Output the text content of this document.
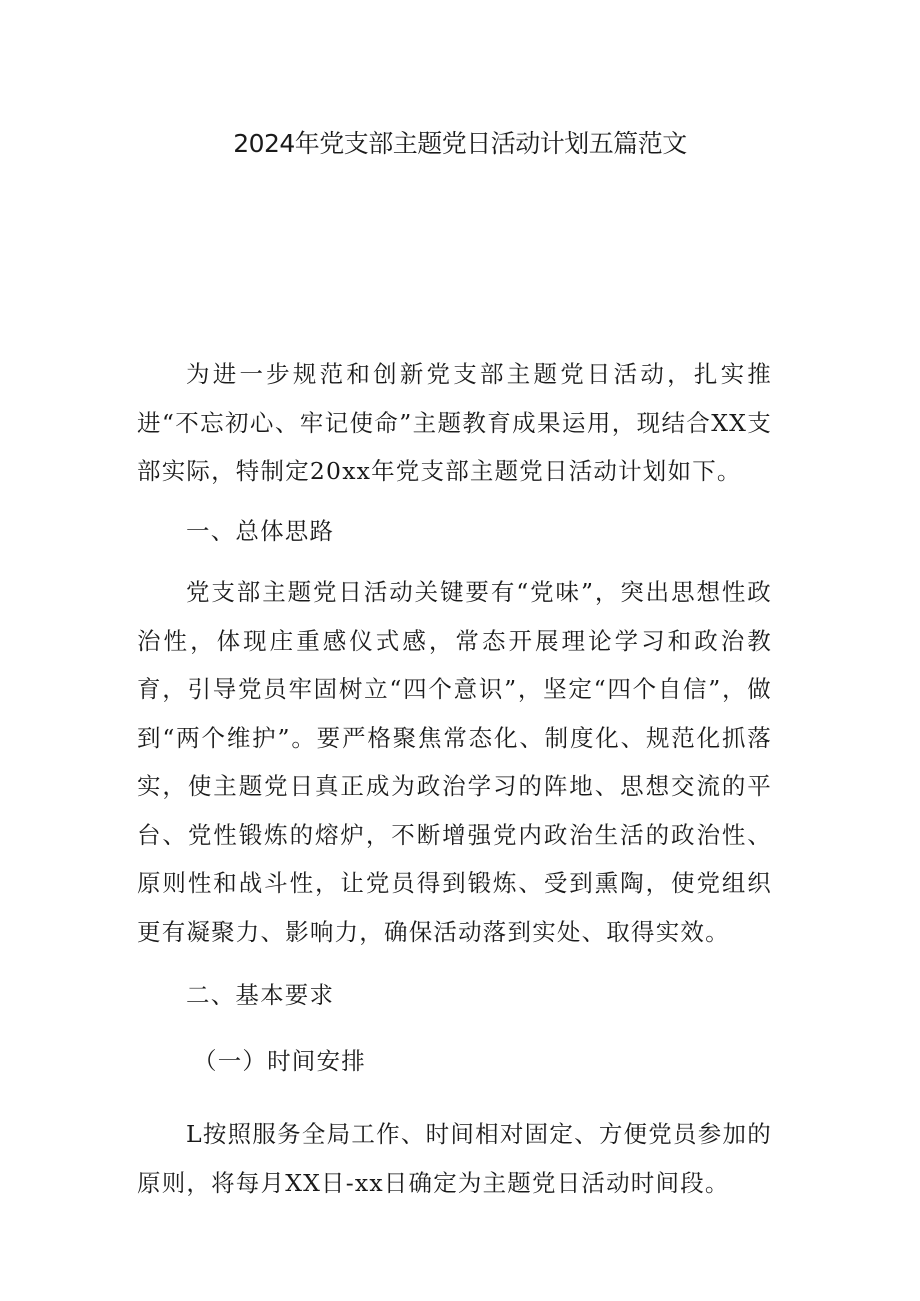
2024年党支部主题党日活动计划五篇范文

为进一步规范和创新党支部主题党日活动，扎实推进“不忘初心、牢记使命”主题教育成果运用，现结合XX支部实际，特制定20xx年党支部主题党日活动计划如下。

一、总体思路

党支部主题党日活动关键要有“党味”，突出思想性政治性，体现庄重感仪式感，常态开展理论学习和政治教育，引导党员牢固树立“四个意识”，坚定“四个自信”，做到“两个维护”。要严格聚焦常态化、制度化、规范化抓落实，使主题党日真正成为政治学习的阵地、思想交流的平台、党性锻炼的熔炉，不断增强党内政治生活的政治性、原则性和战斗性，让党员得到锻炼、受到熏陶，使党组织更有凝聚力、影响力，确保活动落到实处、取得实效。

二、基本要求

（一）时间安排

L按照服务全局工作、时间相对固定、方便党员参加的原则，将每月XX日-xx日确定为主题党日活动时间段。
